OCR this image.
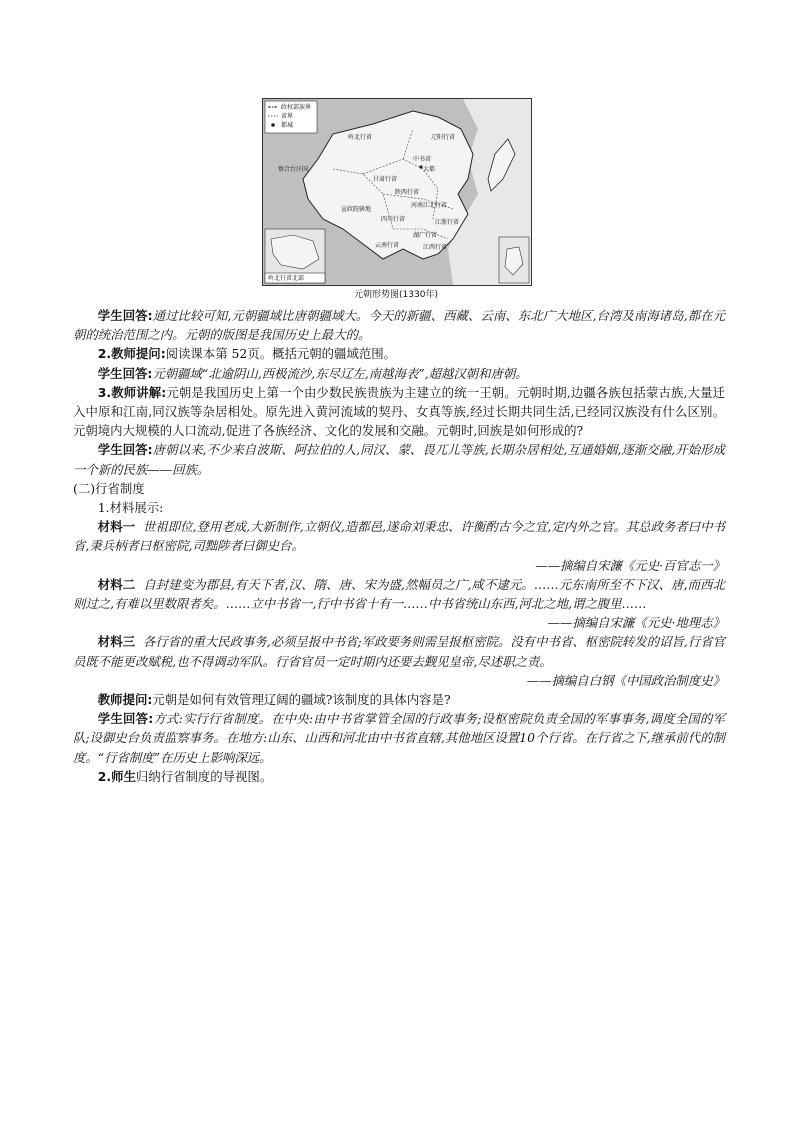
政权部族界
省界
都城
岭北行省	辽阳行省
中书省
大都
甘肃行省
陕西行省
河南江北行省
宣政院辖地
四川行省
云南行省
湖广行省
江浙行省
江西行省
察合台汗国
岭北行省北部
元朝形势图(1330年)

学生回答:通过比较可知,元朝疆域比唐朝疆域大。今天的新疆、西藏、云南、东北广大地区,台湾及南海诸岛,都在元朝的统治范围之内。元朝的版图是我国历史上最大的。

2.教师提问:阅读课本第 52页。概括元朝的疆域范围。

学生回答:元朝疆域“北逾阴山,西极流沙,东尽辽左,南越海表”,超越汉朝和唐朝。

3.教师讲解:元朝是我国历史上第一个由少数民族贵族为主建立的统一王朝。元朝时期,边疆各族包括蒙古族,大量迁入中原和江南,同汉族等杂居相处。原先进入黄河流域的契丹、女真等族,经过长期共同生活,已经同汉族没有什么区别。元朝境内大规模的人口流动,促进了各族经济、文化的发展和交融。元朝时,回族是如何形成的?

学生回答:唐朝以来,不少来自波斯、阿拉伯的人,同汉、蒙、畏兀儿等族,长期杂居相处,互通婚姻,逐渐交融,开始形成一个新的民族——回族。

(二)行省制度

1.材料展示:

材料一 世祖即位,登用老成,大新制作,立朝仪,造都邑,遂命刘秉忠、许衡酌古今之宜,定内外之官。其总政务者曰中书省,秉兵柄者曰枢密院,司黜陟者曰御史台。

——摘编自宋濂《元史·百官志一》

材料二 自封建变为郡县,有天下者,汉、隋、唐、宋为盛,然幅员之广,咸不逮元。……元东南所至不下汉、唐,而西北则过之,有难以里数限者矣。……立中书省一,行中书省十有一……中书省统山东西,河北之地,谓之腹里……

——摘编自宋濂《元史·地理志》

材料三 各行省的重大民政事务,必须呈报中书省;军政要务则需呈报枢密院。没有中书省、枢密院转发的诏旨,行省官员既不能更改赋税,也不得调动军队。行省官员一定时期内还要去觐见皇帝,尽述职之责。

——摘编自白钢《中国政治制度史》

教师提问:元朝是如何有效管理辽阔的疆域?该制度的具体内容是?

学生回答:方式:实行行省制度。在中央:由中书省掌管全国的行政事务;设枢密院负责全国的军事事务,调度全国的军队;设御史台负责监察事务。在地方:山东、山西和河北由中书省直辖,其他地区设置10个行省。在行省之下,继承前代的制度。“行省制度”在历史上影响深远。

2.师生归纳行省制度的导视图。
